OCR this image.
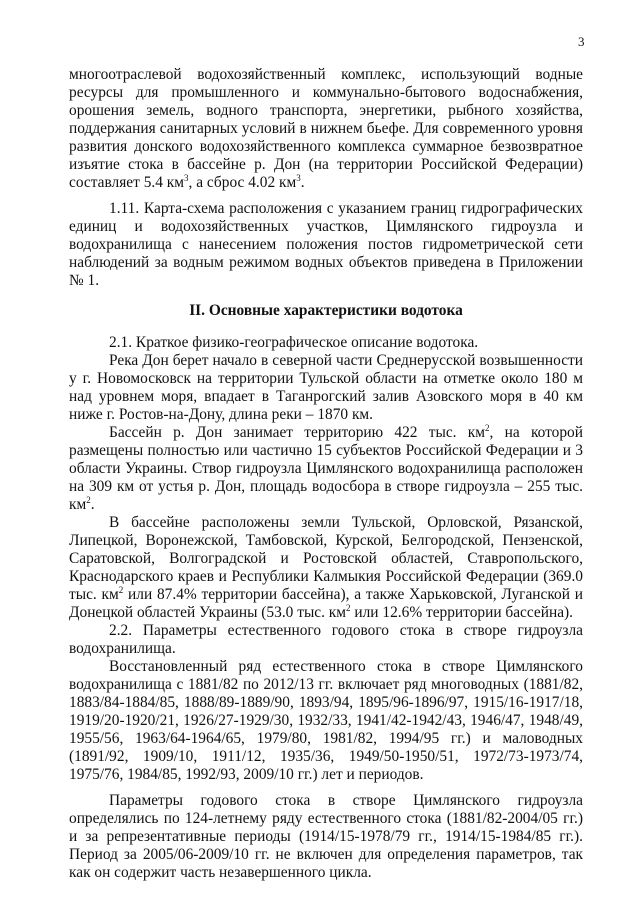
3

многоотраслевой водохозяйственный комплекс, использующий водные ресурсы для промышленного и коммунально-бытового водоснабжения, орошения земель, водного транспорта, энергетики, рыбного хозяйства, поддержания санитарных условий в нижнем бьефе. Для современного уровня развития донского водохозяйственного комплекса суммарное безвозвратное изъятие стока в бассейне р. Дон (на территории Российской Федерации) составляет 5.4 $км^3$, а сброс 4.02 $км^3$.

1.11. Карта-схема расположения с указанием границ гидрографических единиц и водохозяйственных участков, Цимлянского гидроузла и водохранилища с нанесением положения постов гидрометрической сети наблюдений за водным режимом водных объектов приведена в Приложении № 1.

II. Основные характеристики водотока

2.1. Краткое физико-географическое описание водотока.

Река Дон берет начало в северной части Среднерусской возвышенности у г. Новомосковск на территории Тульской области на отметке около 180 м над уровнем моря, впадает в Таганрогский залив Азовского моря в 40 км ниже г. Ростов-на-Дону, длина реки – 1870 км.

Бассейн р. Дон занимает территорию 422 тыс. $км^2$, на которой размещены полностью или частично 15 субъектов Российской Федерации и 3 области Украины. Створ гидроузла Цимлянского водохранилища расположен на 309 км от устья р. Дон, площадь водосбора в створе гидроузла – 255 тыс. $км^2$.

В бассейне расположены земли Тульской, Орловской, Рязанской, Липецкой, Воронежской, Тамбовской, Курской, Белгородской, Пензенской, Саратовской, Волгоградской и Ростовской областей, Ставропольского, Краснодарского краев и Республики Калмыкия Российской Федерации (369.0 тыс. $км^2$ или 87.4% территории бассейна), а также Харьковской, Луганской и Донецкой областей Украины (53.0 тыс. $км^2$ или 12.6% территории бассейна).

2.2. Параметры естественного годового стока в створе гидроузла водохранилища.

Восстановленный ряд естественного стока в створе Цимлянского водохранилища с 1881/82 по 2012/13 гг. включает ряд многоводных (1881/82, 1883/84-1884/85, 1888/89-1889/90, 1893/94, 1895/96-1896/97, 1915/16-1917/18, 1919/20-1920/21, 1926/27-1929/30, 1932/33, 1941/42-1942/43, 1946/47, 1948/49, 1955/56, 1963/64-1964/65, 1979/80, 1981/82, 1994/95 гг.) и маловодных (1891/92, 1909/10, 1911/12, 1935/36, 1949/50-1950/51, 1972/73-1973/74, 1975/76, 1984/85, 1992/93, 2009/10 гг.) лет и периодов.

Параметры годового стока в створе Цимлянского гидроузла определялись по 124-летнему ряду естественного стока (1881/82-2004/05 гг.) и за репрезентативные периоды (1914/15-1978/79 гг., 1914/15-1984/85 гг.). Период за 2005/06-2009/10 гг. не включен для определения параметров, так как он содержит часть незавершенного цикла.
